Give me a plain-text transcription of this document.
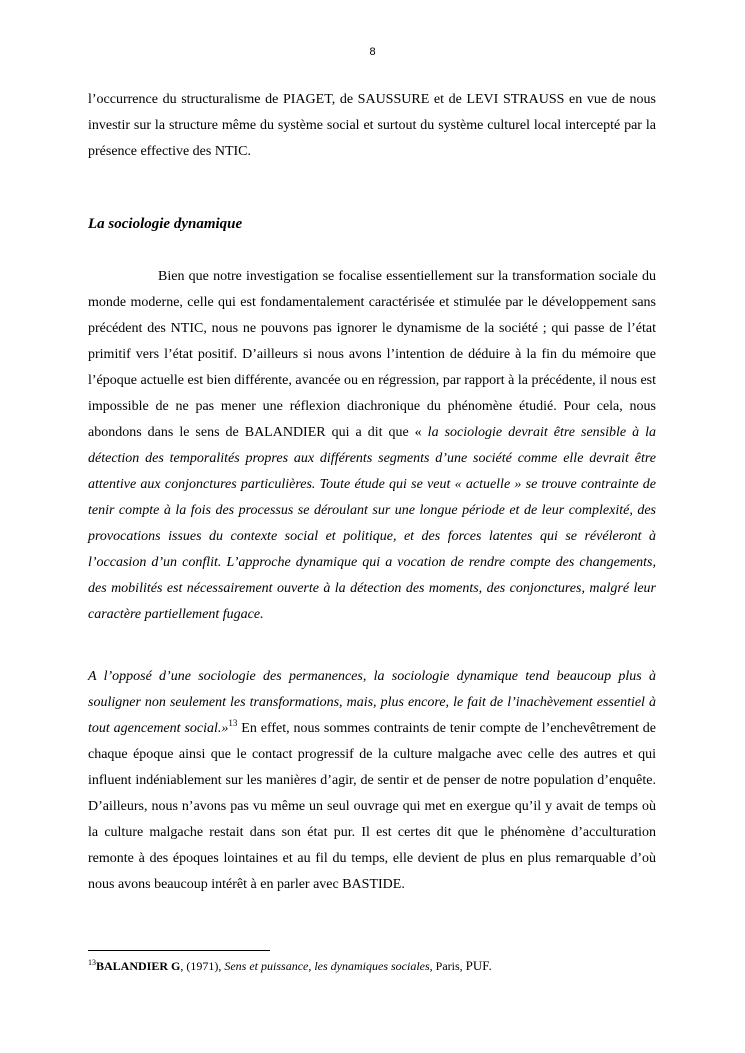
8
l’occurrence du structuralisme de PIAGET, de SAUSSURE et de LEVI STRAUSS en vue de nous investir sur la structure même du système social et surtout du système culturel local intercepté par la présence effective des NTIC.
La sociologie dynamique
Bien que notre investigation se focalise essentiellement sur la transformation sociale du monde moderne, celle qui est fondamentalement caractérisée et stimulée par le développement sans précédent des NTIC, nous ne pouvons pas ignorer le dynamisme de la société ; qui passe de l’état primitif vers l’état positif. D’ailleurs si nous avons l’intention de déduire à la fin du mémoire que l’époque actuelle est bien différente, avancée ou en régression, par rapport à la précédente, il nous est impossible de ne pas mener une réflexion diachronique du phénomène étudié. Pour cela, nous abondons dans le sens de BALANDIER qui a dit que « la sociologie devrait être sensible à la détection des temporalités propres aux différents segments d’une société comme elle devrait être attentive aux conjonctures particulières. Toute étude qui se veut « actuelle » se trouve contrainte de tenir compte à la fois des processus se déroulant sur une longue période et de leur complexité, des provocations issues du contexte social et politique, et des forces latentes qui se révéleront à l’occasion d’un conflit. L’approche dynamique qui a vocation de rendre compte des changements, des mobilités est nécessairement ouverte à la détection des moments, des conjonctures, malgré leur caractère partiellement fugace.
A l’opposé d’une sociologie des permanences, la sociologie dynamique tend beaucoup plus à souligner non seulement les transformations, mais, plus encore, le fait de l’inachèvement essentiel à tout agencement social.»$^{13}$ En effet, nous sommes contraints de tenir compte de l’enchevêtrement de chaque époque ainsi que le contact progressif de la culture malgache avec celle des autres et qui influent indéniablement sur les manières d’agir, de sentir et de penser de notre population d’enquête. D’ailleurs, nous n’avons pas vu même un seul ouvrage qui met en exergue qu’il y avait de temps où la culture malgache restait dans son état pur. Il est certes dit que le phénomène d’acculturation remonte à des époques lointaines et au fil du temps, elle devient de plus en plus remarquable d’où nous avons beaucoup intérêt à en parler avec BASTIDE.
$^{13}$BALANDIER G, (1971), Sens et puissance, les dynamiques sociales, Paris, PUF.
